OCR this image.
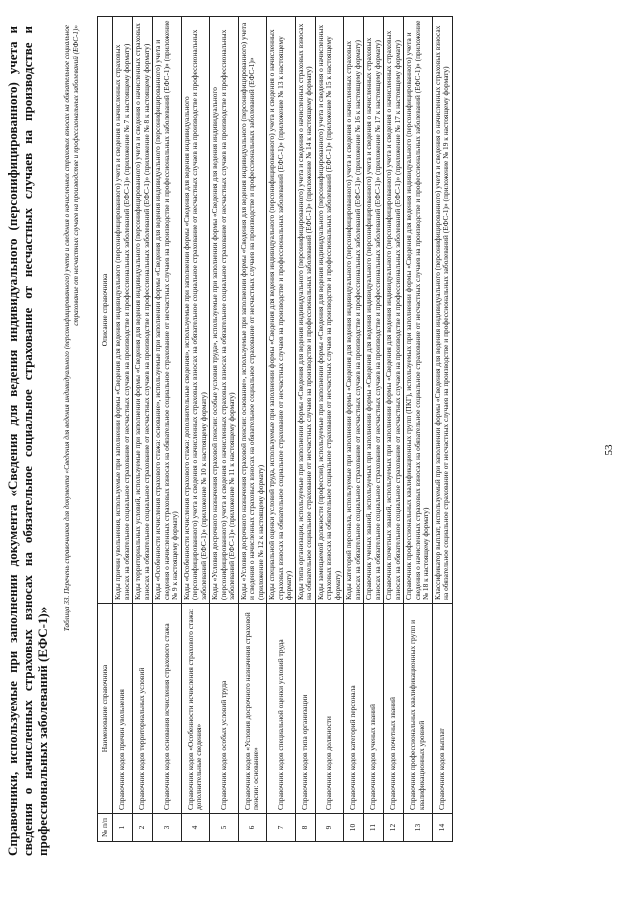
Справочники, используемые при заполнении документа «Сведения для ведения индивидуального (персонифицированного) учета и сведения о начисленных страховых взносах на обязательное социальное страхование от несчастных случаев на производстве и профессиональных заболеваний (ЕФС-1)»
Таблица 33. Перечень справочников для документа «Сведения для ведения индивидуального (персонифицированного) учета и сведения о начисленных страховых взносах на обязательное социальное страхование от несчастных случаев на производстве и профессиональных заболеваний (ЕФС-1)»
№ п/п	Наименование справочника	Описание справочника
1	Справочник кодов причин увольнения	Коды причин увольнения, используемые при заполнении формы «Сведения для ведения индивидуального (персонифицированного) учета и сведения о начисленных страховых взносах на обязательное социальное страхование от несчастных случаев на производстве и профессиональных заболеваний (ЕФС-1)» (приложение № 7 к настоящему формату)
2	Справочник кодов территориальных условий	Коды территориальных условий, используемые при заполнении формы «Сведения для ведения индивидуального (персонифицированного) учета и сведения о начисленных страховых взносах на обязательное социальное страхование от несчастных случаев на производстве и профессиональных заболеваний (ЕФС-1)» (приложение № 8 к настоящему формату)
3	Справочник кодов основания исчисления страхового стажа	Коды «Особенности исчисления страхового стажа: основание», используемые при заполнении формы «Сведения для ведения индивидуального (персонифицированного) учета и сведения о начисленных страховых взносах на обязательное социальное страхование от несчастных случаев на производстве и профессиональных заболеваний (ЕФС-1)» (приложение № 9 к настоящему формату)
4	Справочник кодов «Особенности исчисления страхового стажа: дополнительные сведения»	Коды «Особенности исчисления страхового стажа: дополнительные сведения», используемые при заполнении формы «Сведения для ведения индивидуального (персонифицированного) учета и сведения о начисленных страховых взносах на обязательное социальное страхование от несчастных случаев на производстве и профессиональных заболеваний (ЕФС-1)» (приложение № 10 к настоящему формату)
5	Справочник кодов особых условий труда	Коды «Условия досрочного назначения страховой пенсии: особые условия труда», используемые при заполнении формы «Сведения для ведения индивидуального (персонифицированного) учета и сведения о начисленных страховых взносах на обязательное социальное страхование от несчастных случаев на производстве и профессиональных заболеваний (ЕФС-1)» (приложение № 11 к настоящему формату)
6	Справочник кодов «Условия досрочного назначения страховой пенсии: основание»	Коды «Условия досрочного назначения страховой пенсии: основание», используемые при заполнении формы «Сведения для ведения индивидуального (персонифицированного) учета и сведения о начисленных страховых взносах на обязательное социальное страхование от несчастных случаев на производстве и профессиональных заболеваний (ЕФС-1)» (приложение № 12 к настоящему формату)
7	Справочник кодов специальной оценки условий труда	Коды специальной оценки условий труда, используемые при заполнении формы «Сведения для ведения индивидуального (персонифицированного) учета и сведения о начисленных страховых взносах на обязательное социальное страхование от несчастных случаев на производстве и профессиональных заболеваний (ЕФС-1)» (приложение № 13 к настоящему формату)
8	Справочник кодов типа организации	Коды типа организации, используемые при заполнении формы «Сведения для ведения индивидуального (персонифицированного) учета и сведения о начисленных страховых взносах на обязательное социальное страхование от несчастных случаев на производстве и профессиональных заболеваний (ЕФС-1)» (приложение № 14 к настоящему формату)
9	Справочник кодов должности	Коды замещаемой должности (профессии), используемые при заполнении формы «Сведения для ведения индивидуального (персонифицированного) учета и сведения о начисленных страховых взносах на обязательное социальное страхование от несчастных случаев на производстве и профессиональных заболеваний (ЕФС-1)» (приложение № 15 к настоящему формату)
10	Справочник кодов категорий персонала	Коды категорий персонала, используемые при заполнении формы «Сведения для ведения индивидуального (персонифицированного) учета и сведения о начисленных страховых взносах на обязательное социальное страхование от несчастных случаев на производстве и профессиональных заболеваний (ЕФС-1)» (приложение № 16 к настоящему формату)
11	Справочник кодов ученых званий	Справочник ученых званий, используемых при заполнении формы «Сведения для ведения индивидуального (персонифицированного) учета и сведения о начисленных страховых взносах на обязательное социальное страхование от несчастных случаев на производстве и профессиональных заболеваний (ЕФС-1)» (приложение № 17 к настоящему формату)
12	Справочник кодов почетных званий	Справочник почетных званий, используемых при заполнении формы «Сведения для ведения индивидуального (персонифицированного) учета и сведения о начисленных страховых взносах на обязательное социальное страхование от несчастных случаев на производстве и профессиональных заболеваний (ЕФС-1)» (приложение № 17 к настоящему формату)
13	Справочник профессиональных квалификационных групп и квалификационных уровней	Справочник профессиональных квалификационных групп (ПКГ), используемых при заполнении формы «Сведения для ведения индивидуального (персонифицированного) учета и сведения о начисленных страховых взносах на обязательное социальное страхование от несчастных случаев на производстве и профессиональных заболеваний (ЕФС-1)» (приложение № 18 к настоящему формату)
14	Справочник кодов выплат	Классификатор выплат, используемый при заполнении формы «Сведения для ведения индивидуального (персонифицированного) учета и сведения о начисленных страховых взносах на обязательное социальное страхование от несчастных случаев на производстве и профессиональных заболеваний (ЕФС-1)» (приложение № 19 к настоящему формату)	53
